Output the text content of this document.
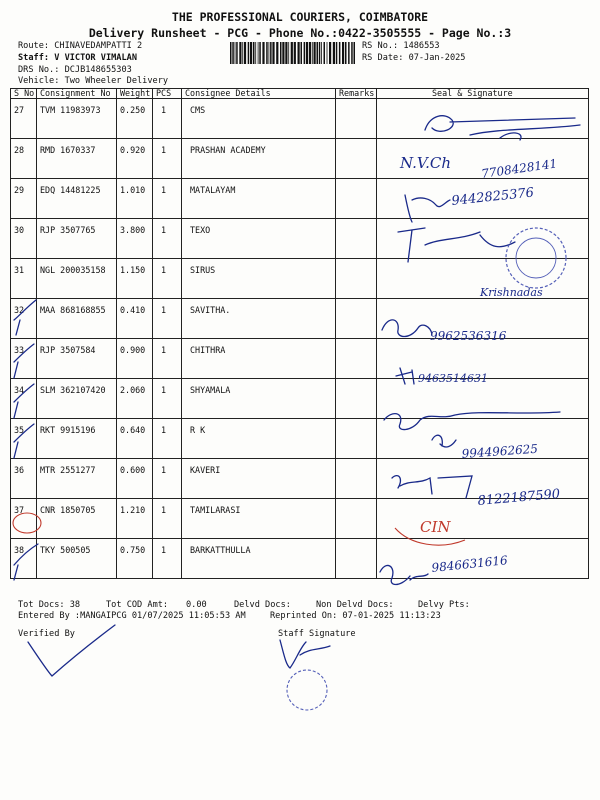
THE PROFESSIONAL COURIERS, COIMBATORE
Delivery Runsheet - PCG - Phone No.:0422-3505555 - Page No.:3
Route: CHINAVEDAMPATTI 2
Staff: V VICTOR VIMALAN
DRS No.: DCJB148655303
Vehicle: Two Wheeler Delivery
RS No.: 1486553
RS Date: 07-Jan-2025
S No	Consignment No	Weight	PCS	Consignee Details	Remarks	Seal & Signature
27	TVM 11983973	0.250	1	CMS		
28	RMD 1670337	0.920	1	PRASHAN ACADEMY		
29	EDQ 14481225	1.010	1	MATALAYAM		
30	RJP 3507765	3.800	1	TEXO		
31	NGL 200035158	1.150	1	SIRUS		
32	MAA 868168855	0.410	1	SAVITHA.		
33	RJP 3507584	0.900	1	CHITHRA		
34	SLM 362107420	2.060	1	SHYAMALA		
35	RKT 9915196	0.640	1	R K		
36	MTR 2551277	0.600	1	KAVERI		
37	CNR 1850705	1.210	1	TAMILARASI		
38	TKY 500505	0.750	1	BARKATTHULLA		
N.V.Ch 7708428141
9442825376
Krishnadas
9962536316
9463514631
9944962625
8122187590
CIN
9846631616
Tot Docs: 38	Tot COD Amt: 0.00	Delvd Docs:	Non Delvd Docs:	Delvy Pts:
Entered By :MANGAIPCG 01/07/2025 11:05:53 AM	Reprinted On: 07-01-2025 11:13:23
Verified By	Staff Signature
